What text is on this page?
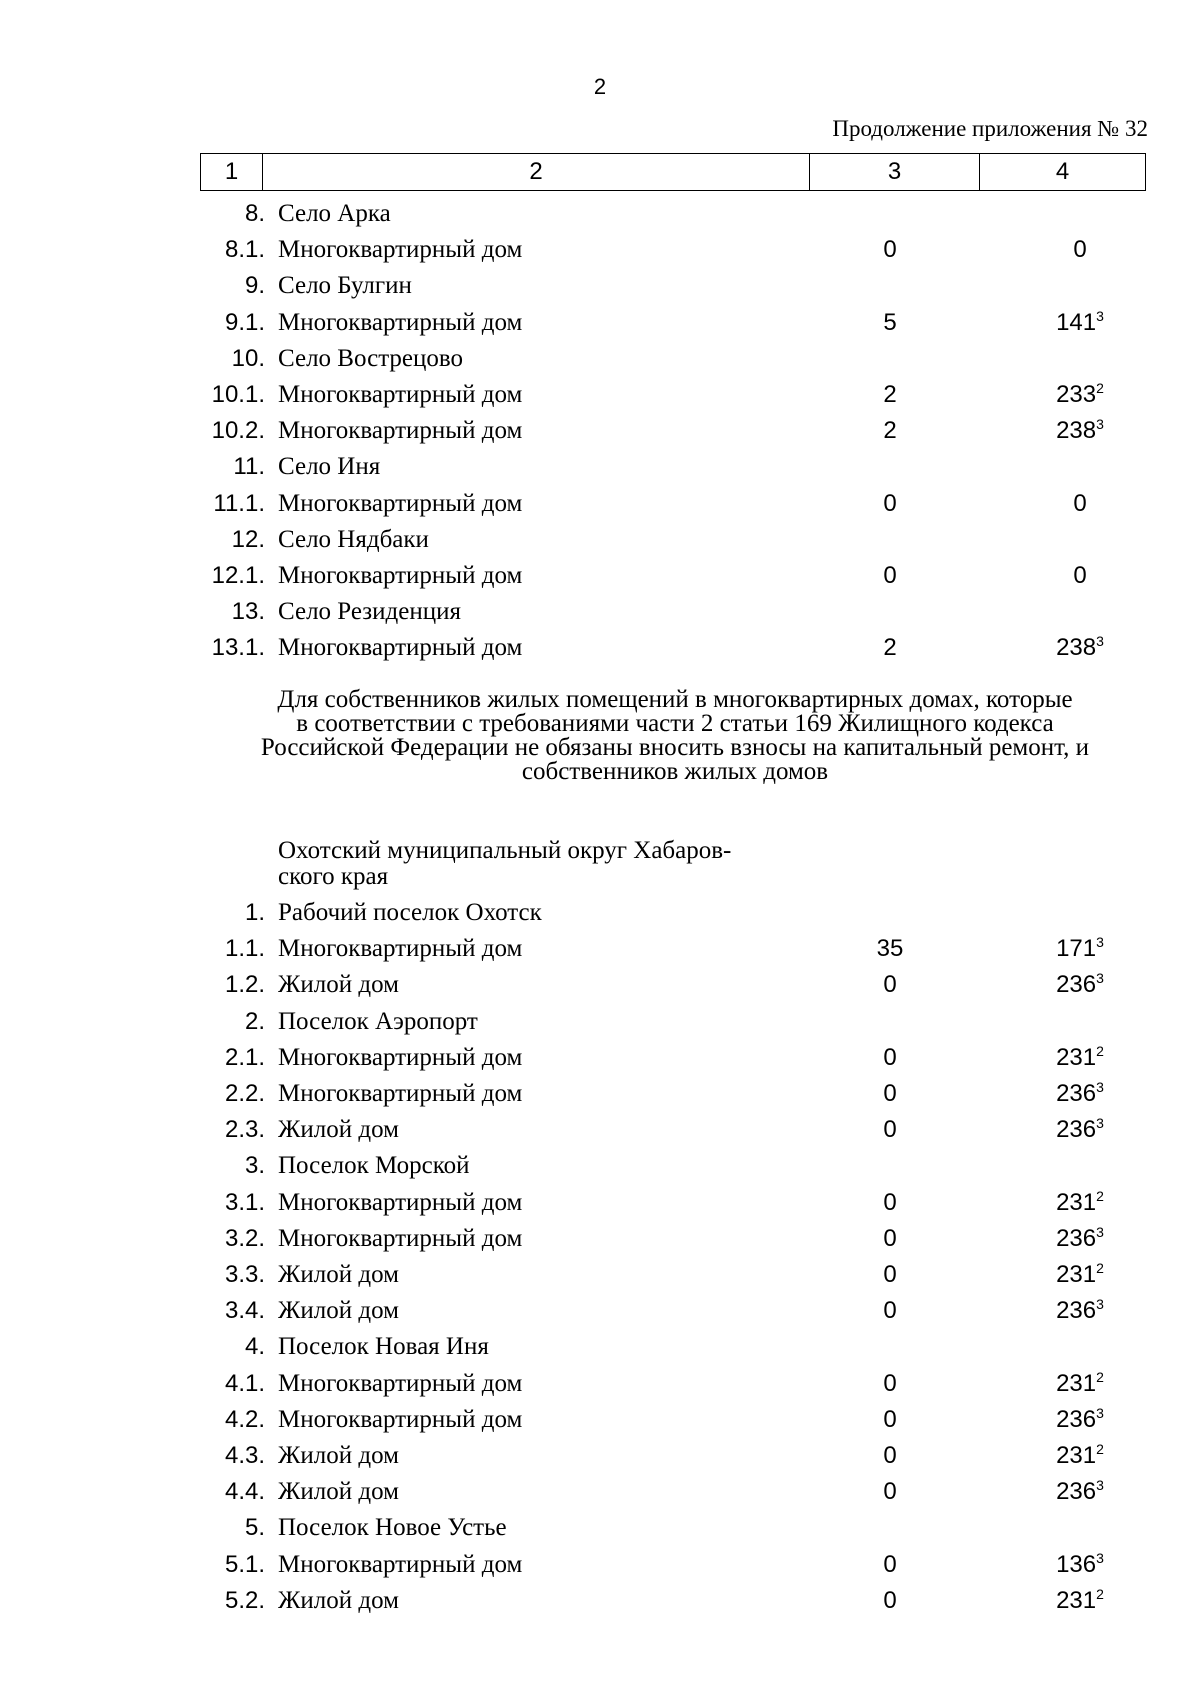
2
Продолжение приложения № 32
1	2	3	4
8. Село Арка
8.1. Многоквартирный дом	0	0
9. Село Булгин
9.1. Многоквартирный дом	5	$141^3$
10. Село Вострецово
10.1. Многоквартирный дом	2	$233^2$
10.2. Многоквартирный дом	2	$238^3$
11. Село Иня
11.1. Многоквартирный дом	0	0
12. Село Нядбаки
12.1. Многоквартирный дом	0	0
13. Село Резиденция
13.1. Многоквартирный дом	2	$238^3$
Для собственников жилых помещений в многоквартирных домах, которые
в соответствии с требованиями части 2 статьи 169 Жилищного кодекса
Российской Федерации не обязаны вносить взносы на капитальный ремонт, и
собственников жилых домов
Охотский муниципальный округ Хабаров-
ского края
1. Рабочий поселок Охотск
1.1. Многоквартирный дом	35	$171^3$
1.2. Жилой дом	0	$236^3$
2. Поселок Аэропорт
2.1. Многоквартирный дом	0	$231^2$
2.2. Многоквартирный дом	0	$236^3$
2.3. Жилой дом	0	$236^3$
3. Поселок Морской
3.1. Многоквартирный дом	0	$231^2$
3.2. Многоквартирный дом	0	$236^3$
3.3. Жилой дом	0	$231^2$
3.4. Жилой дом	0	$236^3$
4. Поселок Новая Иня
4.1. Многоквартирный дом	0	$231^2$
4.2. Многоквартирный дом	0	$236^3$
4.3. Жилой дом	0	$231^2$
4.4. Жилой дом	0	$236^3$
5. Поселок Новое Устье
5.1. Многоквартирный дом	0	$136^3$
5.2. Жилой дом	0	$231^2$
